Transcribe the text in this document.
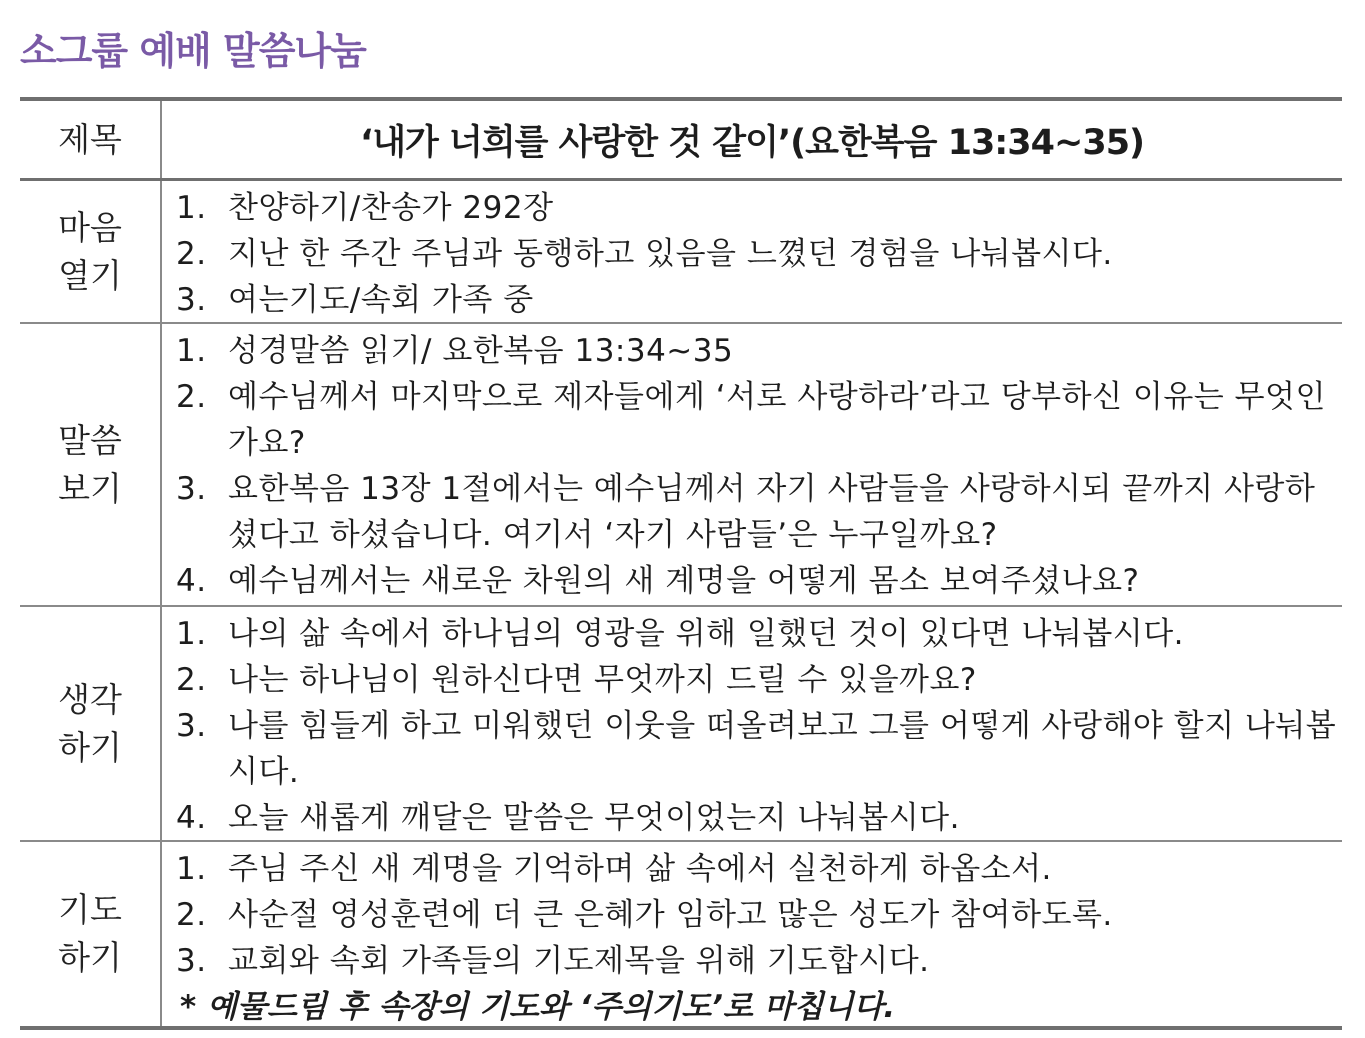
소그룹 예배 말씀나눔
제목	‘내가 너희를 사랑한 것 같이’(요한복음 13:34~35)
마음
열기
1. 찬양하기/찬송가 292장
2. 지난 한 주간 주님과 동행하고 있음을 느꼈던 경험을 나눠봅시다.
3. 여는기도/속회 가족 중
말씀
보기
1. 성경말씀 읽기/ 요한복음 13:34~35
2. 예수님께서 마지막으로 제자들에게 ‘서로 사랑하라’라고 당부하신 이유는 무엇인가요?
3. 요한복음 13장 1절에서는 예수님께서 자기 사람들을 사랑하시되 끝까지 사랑하셨다고 하셨습니다. 여기서 ‘자기 사람들’은 누구일까요?
4. 예수님께서는 새로운 차원의 새 계명을 어떻게 몸소 보여주셨나요?
생각
하기
1. 나의 삶 속에서 하나님의 영광을 위해 일했던 것이 있다면 나눠봅시다.
2. 나는 하나님이 원하신다면 무엇까지 드릴 수 있을까요?
3. 나를 힘들게 하고 미워했던 이웃을 떠올려보고 그를 어떻게 사랑해야 할지 나눠봅시다.
4. 오늘 새롭게 깨달은 말씀은 무엇이었는지 나눠봅시다.
기도
하기
1. 주님 주신 새 계명을 기억하며 삶 속에서 실천하게 하옵소서.
2. 사순절 영성훈련에 더 큰 은혜가 임하고 많은 성도가 참여하도록.
3. 교회와 속회 가족들의 기도제목을 위해 기도합시다.
* 예물드림 후 속장의 기도와 ‘주의기도’로 마칩니다.
